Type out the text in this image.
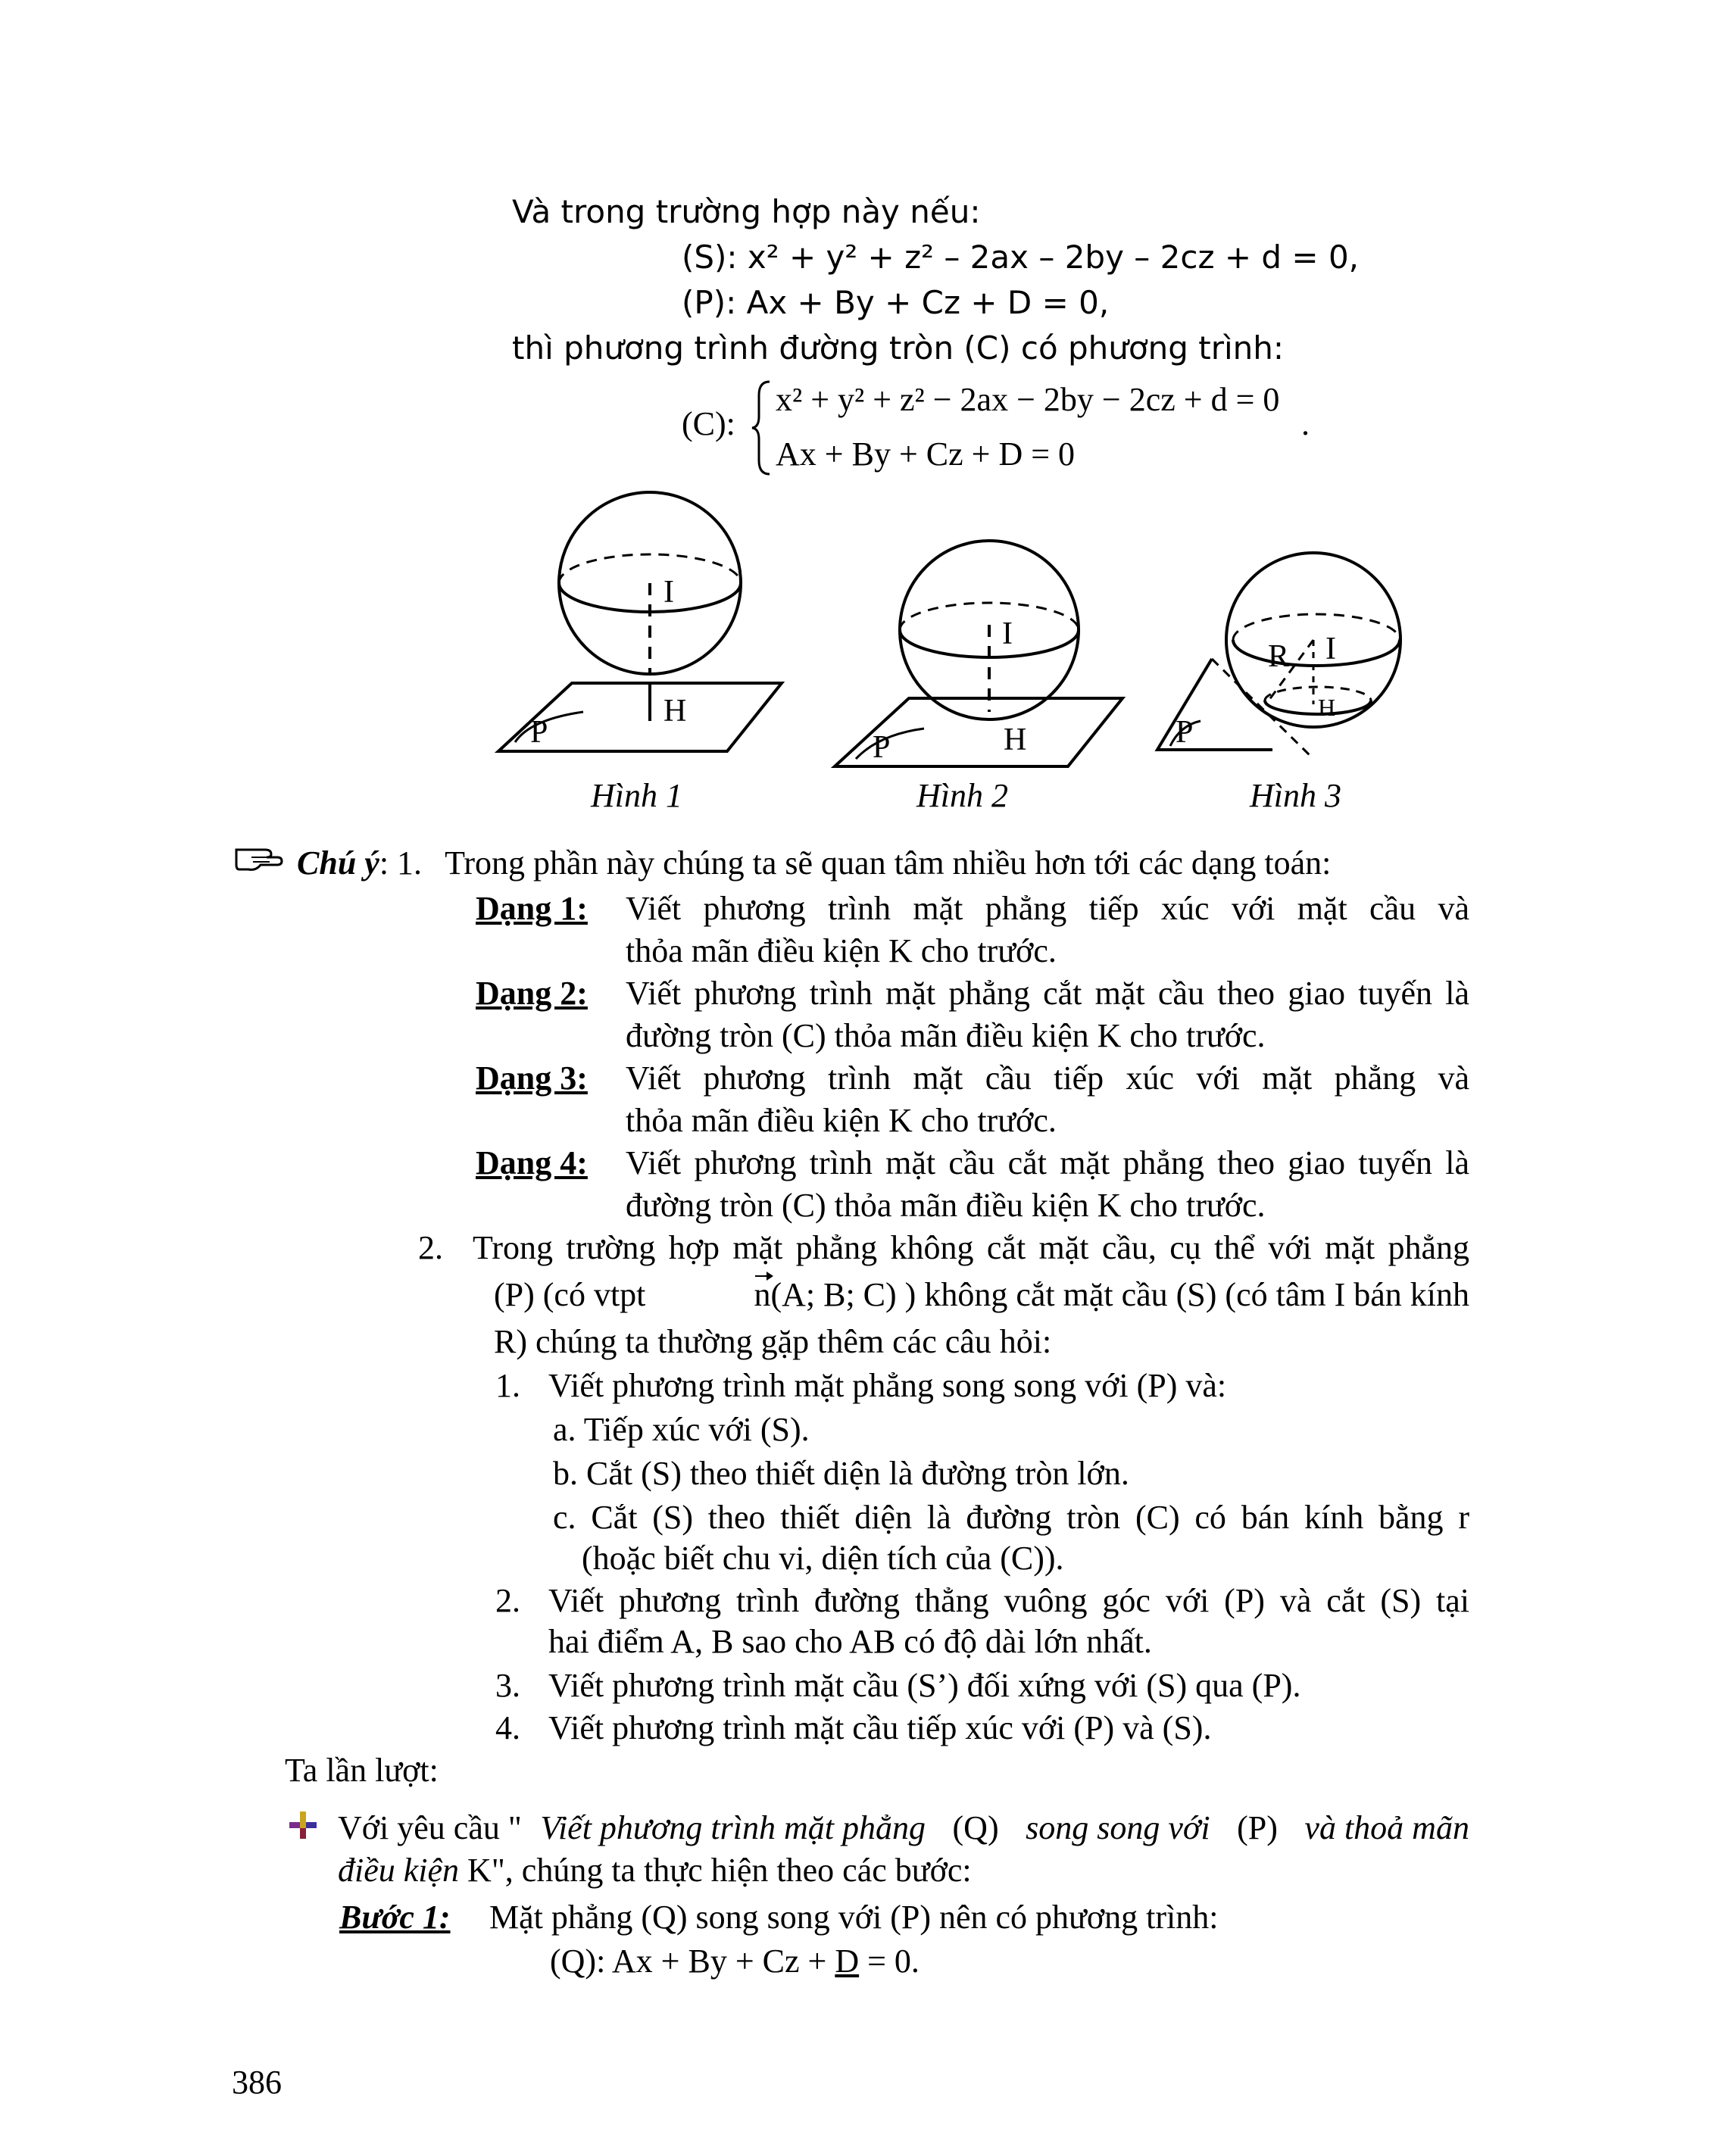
Và trong trường hợp này nếu:
(S): x² + y² + z² – 2ax – 2by – 2cz + d = 0,
(P): Ax + By + Cz + D = 0,
thì phương trình đường tròn (C) có phương trình:
(C):
x² + y² + z² − 2ax − 2by − 2cz + d = 0
Ax + By + Cz + D = 0
.
I
H
P
I
H
P
I
R
H
P
Hình 1	Hình 2	Hình 3
Chú ý: 1. Trong phần này chúng ta sẽ quan tâm nhiều hơn tới các dạng toán:
Dạng 1: Viết phương trình mặt phẳng tiếp xúc với mặt cầu và
thỏa mãn điều kiện K cho trước.
Dạng 2: Viết phương trình mặt phẳng cắt mặt cầu theo giao tuyến là
đường tròn (C) thỏa mãn điều kiện K cho trước.
Dạng 3: Viết phương trình mặt cầu tiếp xúc với mặt phẳng và
thỏa mãn điều kiện K cho trước.
Dạng 4: Viết phương trình mặt cầu cắt mặt phẳng theo giao tuyến là
đường tròn (C) thỏa mãn điều kiện K cho trước.
2. Trong trường hợp mặt phẳng không cắt mặt cầu, cụ thể với mặt phẳng
(P) (có vtpt	n(A; B; C) ) không cắt mặt cầu (S) (có tâm I bán kính
R) chúng ta thường gặp thêm các câu hỏi:
1. Viết phương trình mặt phẳng song song với (P) và:
a. Tiếp xúc với (S).
b. Cắt (S) theo thiết diện là đường tròn lớn.
c. Cắt (S) theo thiết diện là đường tròn (C) có bán kính bằng r
(hoặc biết chu vi, diện tích của (C)).
2. Viết phương trình đường thẳng vuông góc với (P) và cắt (S) tại
hai điểm A, B sao cho AB có độ dài lớn nhất.
3. Viết phương trình mặt cầu (S’) đối xứng với (S) qua (P).
4. Viết phương trình mặt cầu tiếp xúc với (P) và (S).
Ta lần lượt:
Với yêu cầu " Viết phương trình mặt phẳng (Q) song song với (P) và thoả mãn
điều kiện K", chúng ta thực hiện theo các bước:
Bước 1: Mặt phẳng (Q) song song với (P) nên có phương trình:
(Q): Ax + By + Cz + D = 0.
386
